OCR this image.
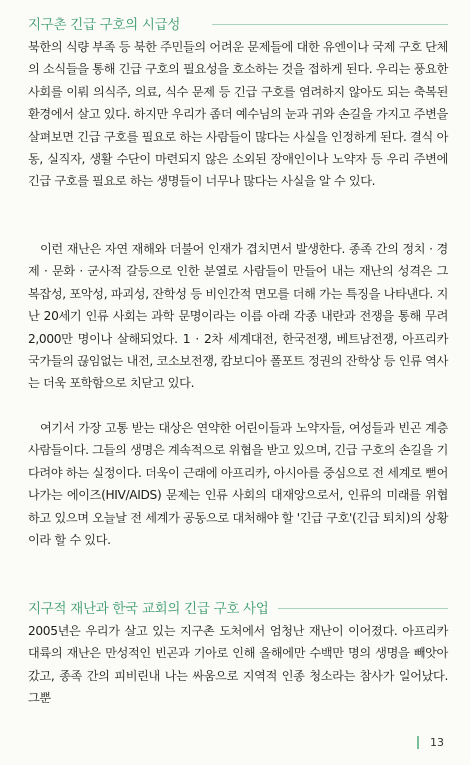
지구촌 긴급 구호의 시급성

북한의 식량 부족 등 북한 주민들의 어려운 문제들에 대한 유엔이나 국제 구호 단체의 소식들을 통해 긴급 구호의 필요성을 호소하는 것을 접하게 된다. 우리는 풍요한 사회를 이뤄 의식주, 의료, 식수 문제 등 긴급 구호를 염려하지 않아도 되는 축복된 환경에서 살고 있다. 하지만 우리가 좀더 예수님의 눈과 귀와 손길을 가지고 주변을 살펴보면 긴급 구호를 필요로 하는 사람들이 많다는 사실을 인정하게 된다. 결식 아동, 실직자, 생활 수단이 마련되지 않은 소외된 장애인이나 노약자 등 우리 주변에 긴급 구호를 필요로 하는 생명들이 너무나 많다는 사실을 알 수 있다.

이런 재난은 자연 재해와 더불어 인재가 겹치면서 발생한다. 종족 간의 정치 · 경제 · 문화 · 군사적 갈등으로 인한 분열로 사람들이 만들어 내는 재난의 성격은 그 복잡성, 포악성, 파괴성, 잔학성 등 비인간적 면모를 더해 가는 특징을 나타낸다. 지난 20세기 인류 사회는 과학 문명이라는 이름 아래 각종 내란과 전쟁을 통해 무려 2,000만 명이나 살해되었다. 1 · 2차 세계대전, 한국전쟁, 베트남전쟁, 아프리카 국가들의 끊임없는 내전, 코소보전쟁, 캄보디아 폴포트 정권의 잔학상 등 인류 역사는 더욱 포학함으로 치닫고 있다.

여기서 가장 고통 받는 대상은 연약한 어린이들과 노약자들, 여성들과 빈곤 계층 사람들이다. 그들의 생명은 계속적으로 위협을 받고 있으며, 긴급 구호의 손길을 기다려야 하는 실정이다. 더욱이 근래에 아프리카, 아시아를 중심으로 전 세계로 뻗어 나가는 에이즈(HIV/AIDS) 문제는 인류 사회의 대재앙으로서, 인류의 미래를 위협하고 있으며 오늘날 전 세계가 공동으로 대처해야 할 '긴급 구호'(긴급 퇴치)의 상황이라 할 수 있다.

지구적 재난과 한국 교회의 긴급 구호 사업

2005년은 우리가 살고 있는 지구촌 도처에서 엄청난 재난이 이어졌다. 아프리카 대륙의 재난은 만성적인 빈곤과 기아로 인해 올해에만 수백만 명의 생명을 빼앗아 갔고, 종족 간의 피비린내 나는 싸움으로 지역적 인종 청소라는 참사가 일어났다. 그뿐

13
